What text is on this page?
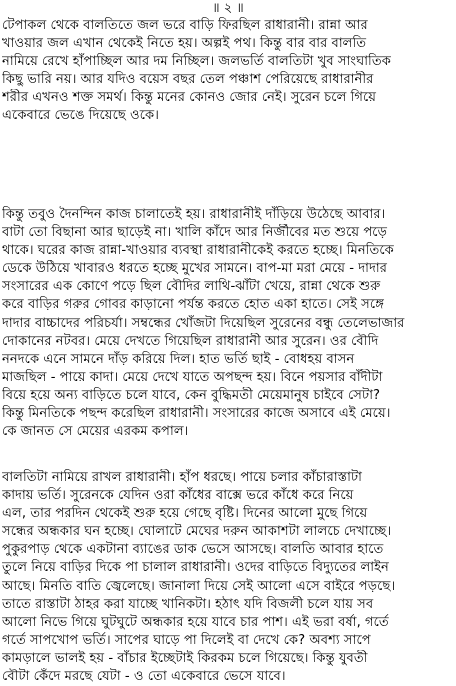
॥ ২ ॥
টেপাকল থেকে বালতিতে জল ভরে বাড়ি ফিরছিল রাধারানী। রান্না আর
খাওয়ার জল এখান থেকেই নিতে হয়। অল্পই পথ। কিন্তু বার বার বালতি
নামিয়ে রেখে হাঁপাচ্ছিল আর দম নিচ্ছিল। জলভর্তি বালতিটা খুব সাংঘাতিক
কিছু ভারি নয়। আর যদিও বয়েস বছর তেল পঞ্চাশ পেরিয়েছে রাধারানীর
শরীর এখনও শক্ত সমর্থ। কিন্তু মনের কোনও জোর নেই। সুরেন চলে গিয়ে
একেবারে ভেঙে দিয়েছে ওকে।
কিন্তু তবুও দৈনন্দিন কাজ চালাতেই হয়। রাধারানীই দাঁড়িয়ে উঠেছে আবার।
বাটা তো বিছানা আর ছাড়েই না। খালি কাঁদে আর নির্জীবের মত শুয়ে পড়ে
থাকে। ঘরের কাজ রান্না-খাওয়ার ব্যবস্থা রাধারানীকেই করতে হচ্ছে। মিনতিকে
ডেকে উঠিয়ে খাবারও ধরতে হচ্ছে মুখের সামনে। বাপ-মা মরা মেয়ে - দাদার
সংসারের এক কোণে পড়ে ছিল বৌদির লাথি-ঝাঁটা খেয়ে, রান্না থেকে শুরু
করে বাড়ির গরুর গোবর কাড়ানো পর্যন্ত করতে হোত একা হাতে। সেই সঙ্গে
দাদার বাচ্চাদের পরিচর্যা। সম্বন্ধের খোঁজটা দিয়েছিল সুরেনের বন্ধু তেলেভাজার
দোকানের নটবর। মেয়ে দেখতে গিয়েছিল রাধারানী আর সুরেন। ওর বৌদি
ননদকে এনে সামনে দাঁড় করিয়ে দিল। হাত ভর্তি ছাই - বোধহয় বাসন
মাজছিল - পায়ে কাদা। মেয়ে দেখে যাতে অপছন্দ হয়। বিনে পয়সার বাঁদীটা
বিয়ে হয়ে অন্য বাড়িতে চলে যাবে, কেন বুদ্ধিমতী মেয়েমানুষ চাইবে সেটা?
কিন্তু মিনতিকে পছন্দ করেছিল রাধারানী। সংসারের কাজে অসাবে এই মেয়ে।
কে জানত সে মেয়ের এরকম কপাল।
বালতিটা নামিয়ে রাখল রাধারানী। হাঁপ ধরছে। পায়ে চলার কাঁচারাস্তাটা
কাদায় ভর্তি। সুরেনকে যেদিন ওরা কাঁধের বাক্সে ভরে কাঁধে করে নিয়ে
এল, তার পরদিন থেকেই শুরু হয়ে গেছে বৃষ্টি। দিনের আলো মুছে গিয়ে
সন্ধের অন্ধকার ঘন হচ্ছে। ঘোলাটে মেঘের দরুন আকাশটা লালচে দেখাচ্ছে।
পুকুরপাড় থেকে একটানা ব্যাঙের ডাক ভেসে আসছে। বালতি আবার হাতে
তুলে নিয়ে বাড়ির দিকে পা চালাল রাধারানী। ওদের বাড়িতে বিদ্যুতের লাইন
আছে। মিনতি বাতি জ্বেলেছে। জানালা দিয়ে সেই আলো এসে বাইরে পড়ছে।
তাতে রাস্তাটা ঠাহর করা যাচ্ছে খানিকটা। হঠাৎ যদি বিজলী চলে যায় সব
আলো নিভে গিয়ে ঘুটঘুটে অন্ধকার হয়ে যাবে চার পাশ। এই ভরা বর্ষা, গর্তে
গর্তে সাপখোপ ভর্তি। সাপের ঘাড়ে পা দিলেই বা দেখে কে? অবশ্য সাপে
কামড়ালে ভালই হয় - বাঁচার ইচ্ছেটাই কিরকম চলে গিয়েছে। কিন্তু যুবতী
বৌটা কেঁদে মরছে যেটা - ও তো একেবারে ভেসে যাবে।
